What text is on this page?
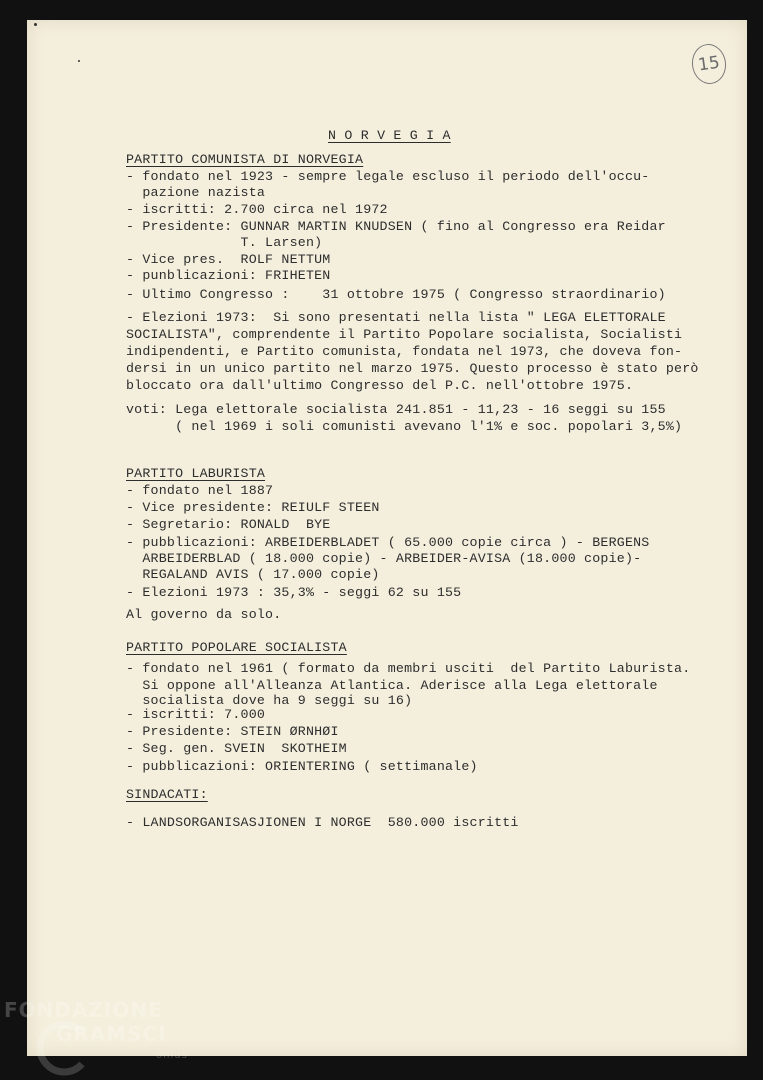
15
N O R V E G I A
PARTITO COMUNISTA DI NORVEGIA
- fondato nel 1923 - sempre legale escluso il periodo dell'occu-
pazione nazista
- iscritti: 2.700 circa nel 1972
- Presidente: GUNNAR MARTIN KNUDSEN ( fino al Congresso era Reidar
T. Larsen)
- Vice pres.  ROLF NETTUM
- punblicazioni: FRIHETEN
- Ultimo Congresso :    31 ottobre 1975 ( Congresso straordinario)
- Elezioni 1973:  Si sono presentati nella lista " LEGA ELETTORALE
SOCIALISTA", comprendente il Partito Popolare socialista, Socialisti
indipendenti, e Partito comunista, fondata nel 1973, che doveva fon-
dersi in un unico partito nel marzo 1975. Questo processo è stato però
bloccato ora dall'ultimo Congresso del P.C. nell'ottobre 1975.
voti: Lega elettorale socialista 241.851 - 11,23 - 16 seggi su 155
( nel 1969 i soli comunisti avevano l'1% e soc. popolari 3,5%)
PARTITO LABURISTA
- fondato nel 1887
- Vice presidente: REIULF STEEN
- Segretario: RONALD  BYE
- pubblicazioni: ARBEIDERBLADET ( 65.000 copie circa ) - BERGENS
ARBEIDERBLAD ( 18.000 copie) - ARBEIDER-AVISA (18.000 copie)-
REGALAND AVIS ( 17.000 copie)
- Elezioni 1973 : 35,3% - seggi 62 su 155
Al governo da solo.
PARTITO POPOLARE SOCIALISTA
- fondato nel 1961 ( formato da membri usciti  del Partito Laburista.
Si oppone all'Alleanza Atlantica. Aderisce alla Lega elettorale
socialista dove ha 9 seggi su 16)
- iscritti: 7.000
- Presidente: STEIN ØRNHØI
- Seg. gen. SVEIN  SKOTHEIM
- pubblicazioni: ORIENTERING ( settimanale)
SINDACATI:
- LANDSORGANISASJIONEN I NORGE  580.000 iscritti
FONDAZIONE
GRAMSCI
onlus
